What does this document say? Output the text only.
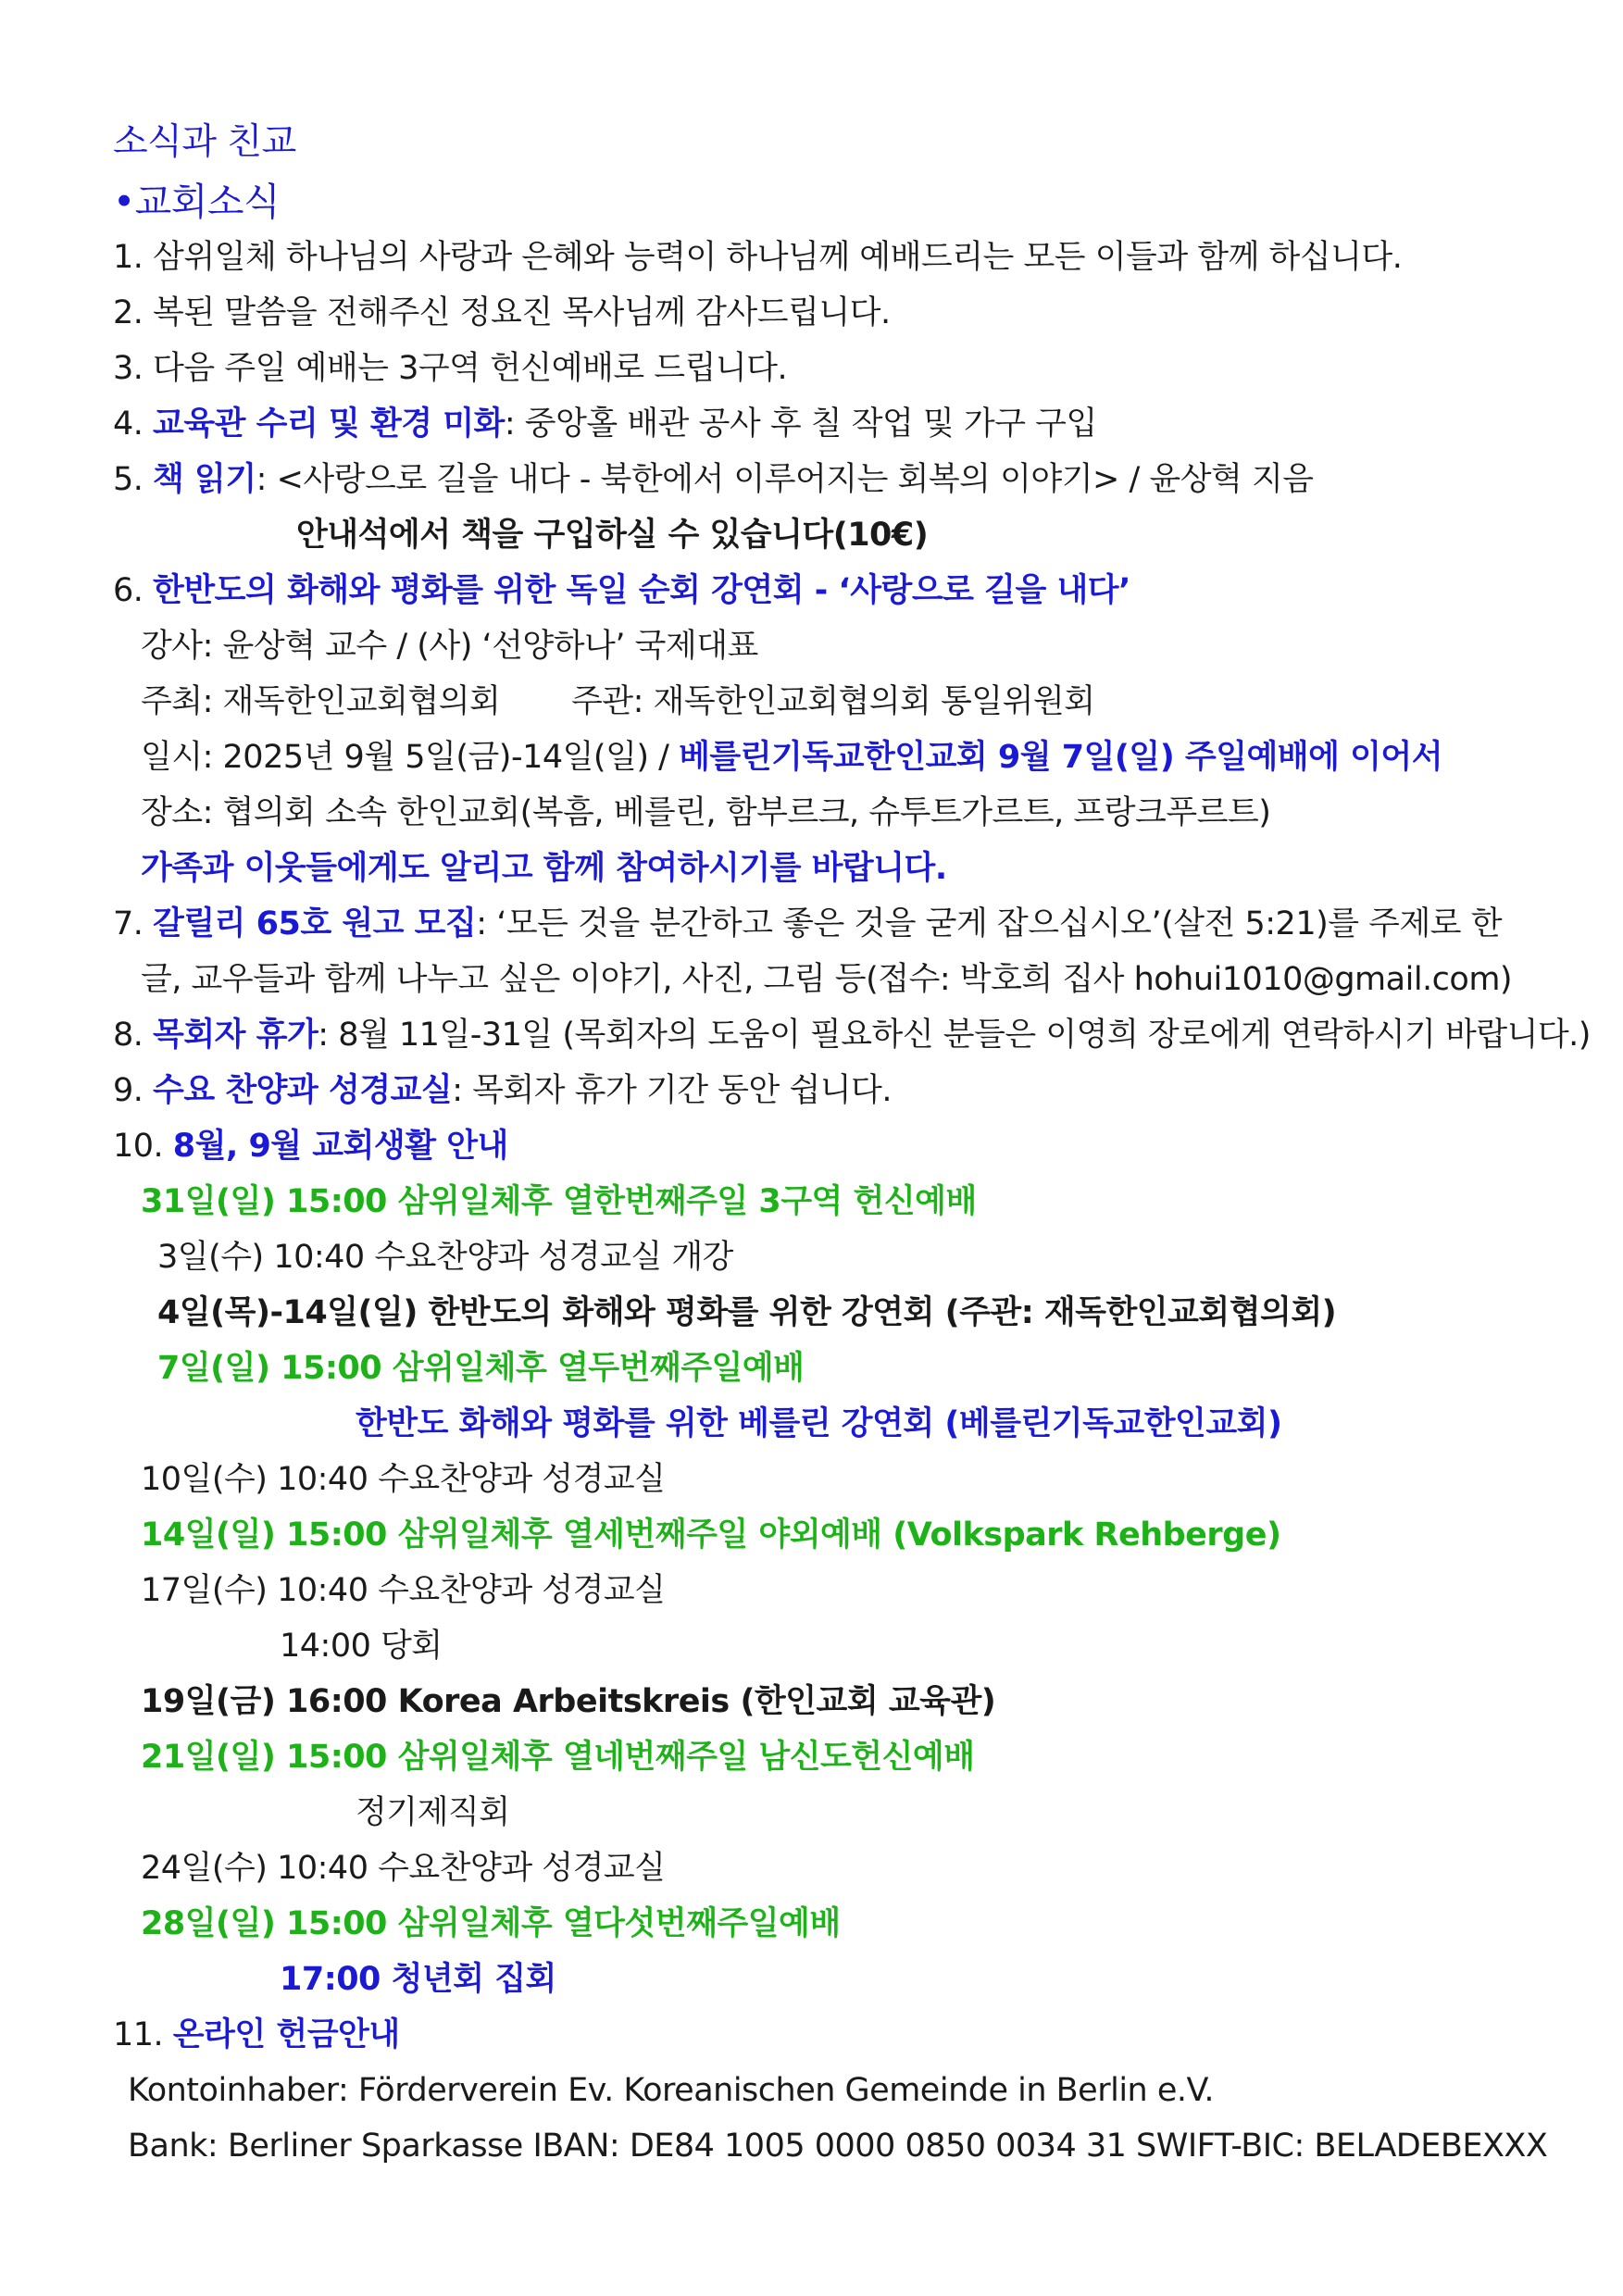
소식과 친교
•교회소식
1. 삼위일체 하나님의 사랑과 은혜와 능력이 하나님께 예배드리는 모든 이들과 함께 하십니다.
2. 복된 말씀을 전해주신 정요진 목사님께 감사드립니다.
3. 다음 주일 예배는 3구역 헌신예배로 드립니다.
4. 교육관 수리 및 환경 미화: 중앙홀 배관 공사 후 칠 작업 및 가구 구입
5. 책 읽기: <사랑으로 길을 내다 - 북한에서 이루어지는 회복의 이야기> / 윤상혁 지음
안내석에서 책을 구입하실 수 있습니다(10€)
6. 한반도의 화해와 평화를 위한 독일 순회 강연회 - ‘사랑으로 길을 내다’
강사: 윤상혁 교수 / (사) ‘선양하나’ 국제대표
주최: 재독한인교회협의회 주관: 재독한인교회협의회 통일위원회
일시: 2025년 9월 5일(금)-14일(일) / 베를린기독교한인교회 9월 7일(일) 주일예배에 이어서
장소: 협의회 소속 한인교회(복흠, 베를린, 함부르크, 슈투트가르트, 프랑크푸르트)
가족과 이웃들에게도 알리고 함께 참여하시기를 바랍니다.
7. 갈릴리 65호 원고 모집: ‘모든 것을 분간하고 좋은 것을 굳게 잡으십시오’(살전 5:21)를 주제로 한
글, 교우들과 함께 나누고 싶은 이야기, 사진, 그림 등(접수: 박호희 집사 hohui1010@gmail.com)
8. 목회자 휴가: 8월 11일-31일 (목회자의 도움이 필요하신 분들은 이영희 장로에게 연락하시기 바랍니다.)
9. 수요 찬양과 성경교실: 목회자 휴가 기간 동안 쉽니다.
10. 8월, 9월 교회생활 안내
31일(일) 15:00 삼위일체후 열한번째주일 3구역 헌신예배
3일(수) 10:40 수요찬양과 성경교실 개강
4일(목)-14일(일) 한반도의 화해와 평화를 위한 강연회 (주관: 재독한인교회협의회)
7일(일) 15:00 삼위일체후 열두번째주일예배
한반도 화해와 평화를 위한 베를린 강연회 (베를린기독교한인교회)
10일(수) 10:40 수요찬양과 성경교실
14일(일) 15:00 삼위일체후 열세번째주일 야외예배 (Volkspark Rehberge)
17일(수) 10:40 수요찬양과 성경교실
14:00 당회
19일(금) 16:00 Korea Arbeitskreis (한인교회 교육관)
21일(일) 15:00 삼위일체후 열네번째주일 남신도헌신예배
정기제직회
24일(수) 10:40 수요찬양과 성경교실
28일(일) 15:00 삼위일체후 열다섯번째주일예배
17:00 청년회 집회
11. 온라인 헌금안내
Kontoinhaber: Förderverein Ev. Koreanischen Gemeinde in Berlin e.V.
Bank: Berliner Sparkasse IBAN: DE84 1005 0000 0850 0034 31 SWIFT-BIC: BELADEBEXXX
